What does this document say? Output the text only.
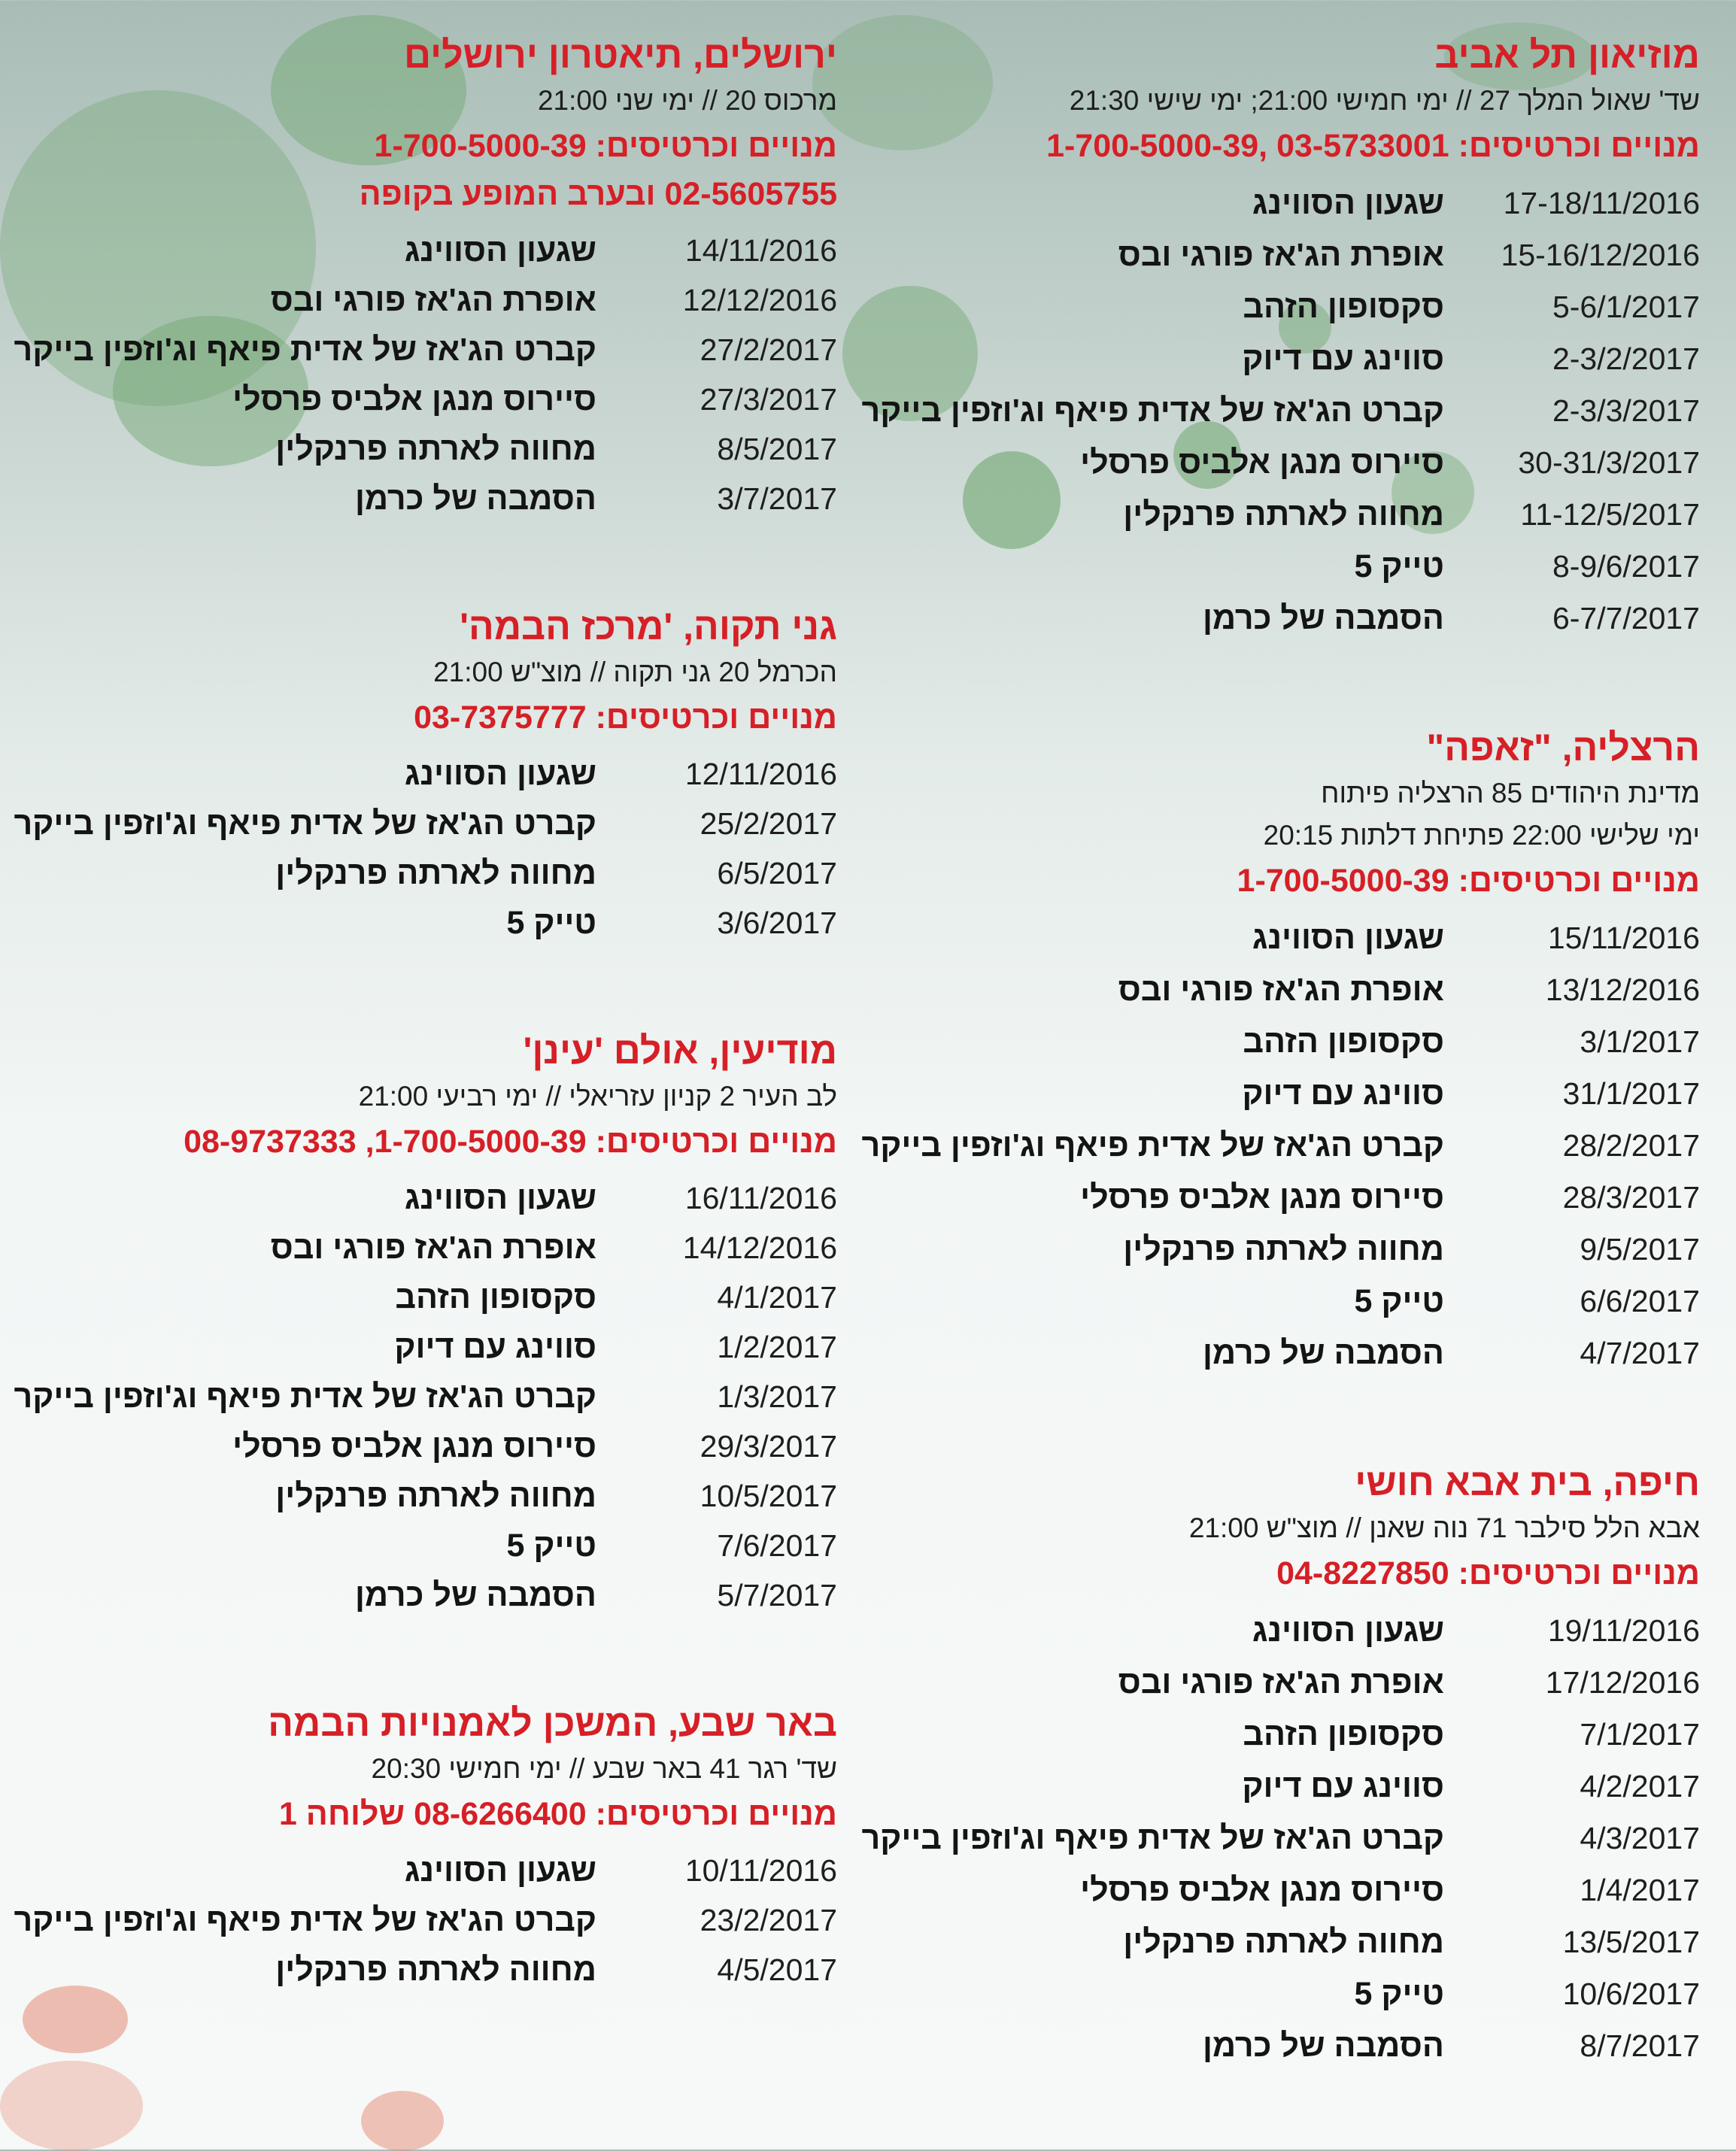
מוזיאון תל אביב
שד' שאול המלך 27 // ימי חמישי 21:00; ימי שישי 21:30
מנויים וכרטיסים: 03-5733001 ,1-700-5000-39
17-18/11/2016
שגעון הסווינג
15-16/12/2016
אופרת הג'אז פורגי ובס
5-6/1/2017
סקסופון הזהב
2-3/2/2017
סווינג עם דיוק
2-3/3/2017
קברט הג'אז של אדית פיאף וג'וזפין בייקר
30-31/3/2017
סיירוס מנגן אלביס פרסלי
11-12/5/2017
מחווה לארתה פרנקלין
8-9/6/2017
טייק 5
6-7/7/2017
הסמבה של כרמן
הרצליה, "זאפה"
מדינת היהודים 85 הרצליה פיתוח
ימי שלישי 22:00 פתיחת דלתות 20:15
מנויים וכרטיסים: 1-700-5000-39
15/11/2016
שגעון הסווינג
13/12/2016
אופרת הג'אז פורגי ובס
3/1/2017
סקסופון הזהב
31/1/2017
סווינג עם דיוק
28/2/2017
קברט הג'אז של אדית פיאף וג'וזפין בייקר
28/3/2017
סיירוס מנגן אלביס פרסלי
9/5/2017
מחווה לארתה פרנקלין
6/6/2017
טייק 5
4/7/2017
הסמבה של כרמן
חיפה, בית אבא חושי
אבא הלל סילבר 71 נוה שאנן // מוצ"ש 21:00
מנויים וכרטיסים: 04-8227850
19/11/2016
שגעון הסווינג
17/12/2016
אופרת הג'אז פורגי ובס
7/1/2017
סקסופון הזהב
4/2/2017
סווינג עם דיוק
4/3/2017
קברט הג'אז של אדית פיאף וג'וזפין בייקר
1/4/2017
סיירוס מנגן אלביס פרסלי
13/5/2017
מחווה לארתה פרנקלין
10/6/2017
טייק 5
8/7/2017
הסמבה של כרמן
ירושלים, תיאטרון ירושלים
מרכוס 20 // ימי שני 21:00
מנויים וכרטיסים: 1-700-5000-39
02-5605755 ובערב המופע בקופה
14/11/2016
שגעון הסווינג
12/12/2016
אופרת הג'אז פורגי ובס
27/2/2017
קברט הג'אז של אדית פיאף וג'וזפין בייקר
27/3/2017
סיירוס מנגן אלביס פרסלי
8/5/2017
מחווה לארתה פרנקלין
3/7/2017
הסמבה של כרמן
גני תקוה, 'מרכז הבמה'
הכרמל 20 גני תקוה // מוצ"ש 21:00
מנויים וכרטיסים: 03-7375777
12/11/2016
שגעון הסווינג
25/2/2017
קברט הג'אז של אדית פיאף וג'וזפין בייקר
6/5/2017
מחווה לארתה פרנקלין
3/6/2017
טייק 5
מודיעין, אולם 'עינן'
לב העיר 2 קניון עזריאלי // ימי רביעי 21:00
מנויים וכרטיסים: 1-700-5000-39, 08-9737333
16/11/2016
שגעון הסווינג
14/12/2016
אופרת הג'אז פורגי ובס
4/1/2017
סקסופון הזהב
1/2/2017
סווינג עם דיוק
1/3/2017
קברט הג'אז של אדית פיאף וג'וזפין בייקר
29/3/2017
סיירוס מנגן אלביס פרסלי
10/5/2017
מחווה לארתה פרנקלין
7/6/2017
טייק 5
5/7/2017
הסמבה של כרמן
באר שבע, המשכן לאמנויות הבמה
שד' רגר 41 באר שבע // ימי חמישי 20:30
מנויים וכרטיסים: 08-6266400 שלוחה 1
10/11/2016
שגעון הסווינג
23/2/2017
קברט הג'אז של אדית פיאף וג'וזפין בייקר
4/5/2017
מחווה לארתה פרנקלין
